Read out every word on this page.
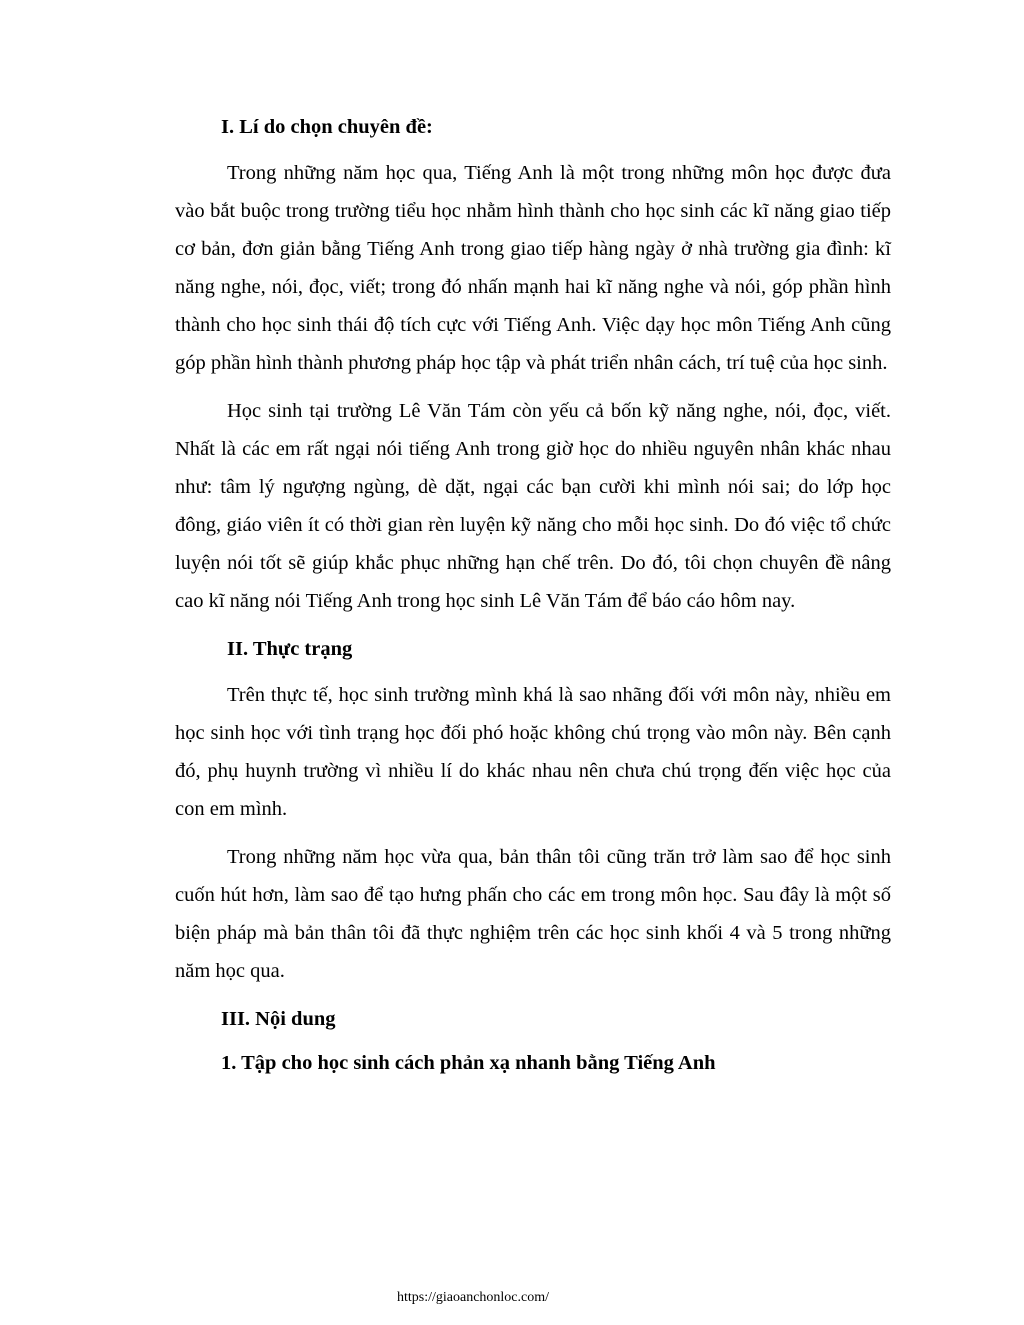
I. Lí do chọn chuyên đề:

Trong những năm học qua, Tiếng Anh là một trong những môn học được đưa vào bắt buộc trong trường tiểu học nhằm hình thành cho học sinh các kĩ năng giao tiếp cơ bản, đơn giản bằng Tiếng Anh trong giao tiếp hàng ngày ở nhà trường gia đình: kĩ năng nghe, nói, đọc, viết; trong đó nhấn mạnh hai kĩ năng nghe và nói, góp phần hình thành cho học sinh thái độ tích cực với Tiếng Anh. Việc dạy học môn Tiếng Anh cũng góp phần hình thành phương pháp học tập và phát triển nhân cách, trí tuệ của học sinh.

Học sinh tại trường Lê Văn Tám còn yếu cả bốn kỹ năng nghe, nói, đọc, viết. Nhất là các em rất ngại nói tiếng Anh trong giờ học do nhiều nguyên nhân khác nhau như: tâm lý ngượng ngùng, dè dặt, ngại các bạn cười khi mình nói sai; do lớp học đông, giáo viên ít có thời gian rèn luyện kỹ năng cho mỗi học sinh. Do đó việc tổ chức luyện nói tốt sẽ giúp khắc phục những hạn chế trên. Do đó, tôi chọn chuyên đề nâng cao kĩ năng nói Tiếng Anh trong học sinh Lê Văn Tám để báo cáo hôm nay.

II. Thực trạng

Trên thực tế, học sinh trường mình khá là sao nhãng đối với môn này, nhiều em học sinh học với tình trạng học đối phó hoặc không chú trọng vào môn này. Bên cạnh đó, phụ huynh trường vì nhiều lí do khác nhau nên chưa chú trọng đến việc học của con em mình.

Trong những năm học vừa qua, bản thân tôi cũng trăn trở làm sao để học sinh cuốn hút hơn, làm sao để tạo hưng phấn cho các em trong môn học. Sau đây là một số biện pháp mà bản thân tôi đã thực nghiệm trên các học sinh khối 4 và 5 trong những năm học qua.

III. Nội dung
1. Tập cho học sinh cách phản xạ nhanh bằng Tiếng Anh
https://giaoanchonloc.com/
